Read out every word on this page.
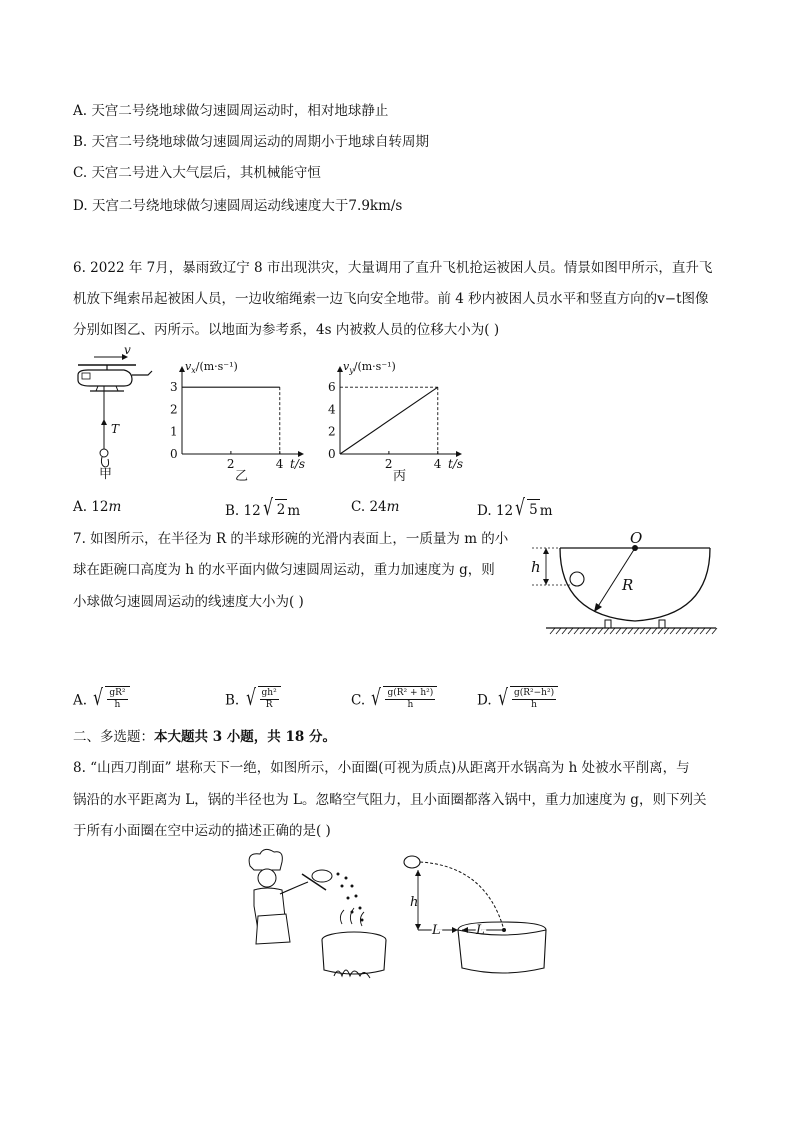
A. 天宫二号绕地球做匀速圆周运动时，相对地球静止
B. 天宫二号绕地球做匀速圆周运动的周期小于地球自转周期
C. 天宫二号进入大气层后，其机械能守恒
D. 天宫二号绕地球做匀速圆周运动线速度大于7.9km/s
6. 2022 年 7月，暴雨致辽宁 8 市出现洪灾，大量调用了直升飞机抢运被困人员。情景如图甲所示，直升飞
机放下绳索吊起被困人员，一边收缩绳索一边飞向安全地带。前 4 秒内被困人员水平和竖直方向的v−t图像
分别如图乙、丙所示。以地面为参考系，4s 内被救人员的位移大小为( )
v
T
甲
$v_x/(m\cdot s^{-1})$
0
1
2
3
2	4 t/s
乙
$v_y/(m\cdot s^{-1})$
0
2
4
6
2	4 t/s
丙
A. 12m	B. 12 √ 2 m	C. 24m	D. 12 √ 5 m
7. 如图所示，在半径为 R 的半球形碗的光滑内表面上，一质量为 m 的小
球在距碗口高度为 h 的水平面内做匀速圆周运动，重力加速度为 g，则
小球做匀速圆周运动的线速度大小为( )
O
R
h
A. √ $\frac{\text{gR²}}{h}$	B. √ $\frac{\text{gh²}}{R}$	C. √ $\frac{\text{g(R² + h²)}}{h}$	D. √ $\frac{\text{g(R²−h²)}}{h}$
二、多选题：本大题共 3 小题，共 18 分。
8. “山西刀削面” 堪称天下一绝，如图所示，小面圈(可视为质点)从距离开水锅高为 h 处被水平削离，与
锅沿的水平距离为 L，锅的半径也为 L。忽略空气阻力，且小面圈都落入锅中，重力加速度为 g，则下列关
于所有小面圈在空中运动的描述正确的是( )
h
L	L
